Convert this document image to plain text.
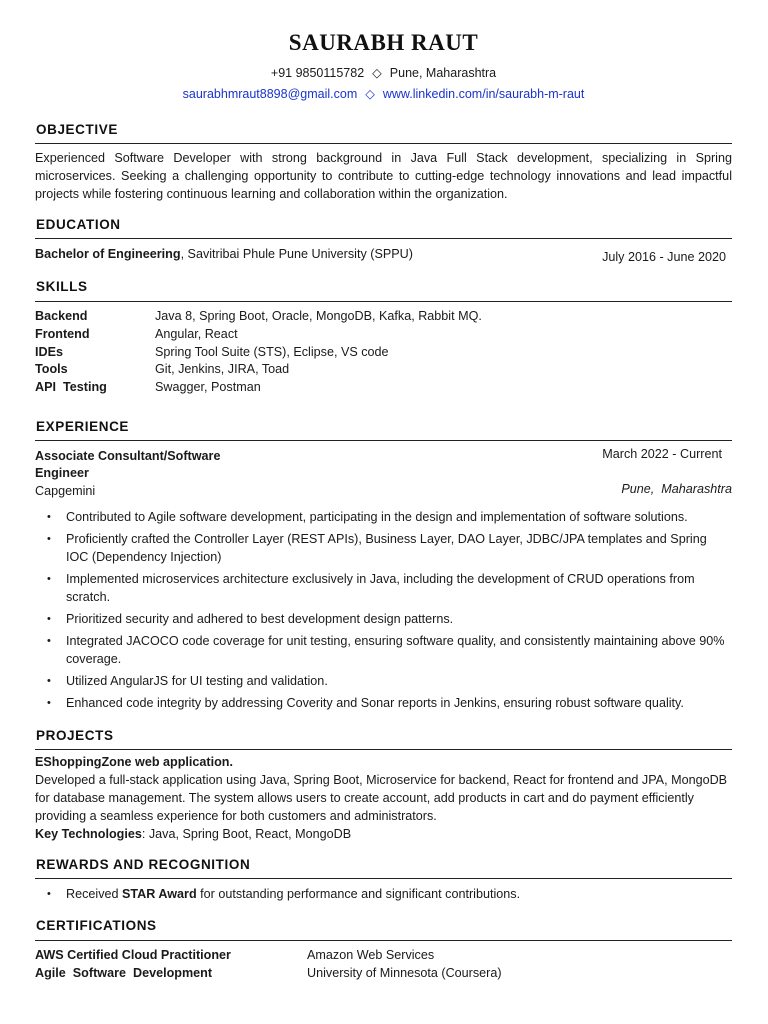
SAURABH RAUT
+91 9850115782 ◇ Pune, Maharashtra
saurabhmraut8898@gmail.com ◇ www.linkedin.com/in/saurabh-m-raut
OBJECTIVE
Experienced Software Developer with strong background in Java Full Stack development, specializing in Spring microservices. Seeking a challenging opportunity to contribute to cutting-edge technology innovations and lead impactful projects while fostering continuous learning and collaboration within the organization.
EDUCATION
Bachelor of Engineering, Savitribai Phule Pune University (SPPU)	July 2016 - June 2020
SKILLS
Backend	Java 8, Spring Boot, Oracle, MongoDB, Kafka, Rabbit MQ.
Frontend	Angular, React
IDEs	Spring Tool Suite (STS), Eclipse, VS code
Tools	Git, Jenkins, JIRA, Toad
API  Testing	Swagger, Postman
EXPERIENCE
Associate Consultant/Software
Engineer
March 2022 - Current
Capgemini	Pune,  Maharashtra
• Contributed to Agile software development, participating in the design and implementation of software solutions.
• Proficiently crafted the Controller Layer (REST APIs), Business Layer, DAO Layer, JDBC/JPA templates and Spring IOC (Dependency Injection)
• Implemented microservices architecture exclusively in Java, including the development of CRUD operations from scratch.
• Prioritized security and adhered to best development design patterns.
• Integrated JACOCO code coverage for unit testing, ensuring software quality, and consistently maintaining above 90% coverage.
• Utilized AngularJS for UI testing and validation.
• Enhanced code integrity by addressing Coverity and Sonar reports in Jenkins, ensuring robust software quality.
PROJECTS
EShoppingZone web application.
Developed a full-stack application using Java, Spring Boot, Microservice for backend, React for frontend and JPA, MongoDB for database management. The system allows users to create account, add products in cart and do payment efficiently providing a seamless experience for both customers and administrators.
Key Technologies: Java, Spring Boot, React, MongoDB
REWARDS AND RECOGNITION
• Received STAR Award for outstanding performance and significant contributions.
CERTIFICATIONS
AWS Certified Cloud Practitioner	Amazon Web Services
Agile  Software  Development	University of Minnesota (Coursera)
